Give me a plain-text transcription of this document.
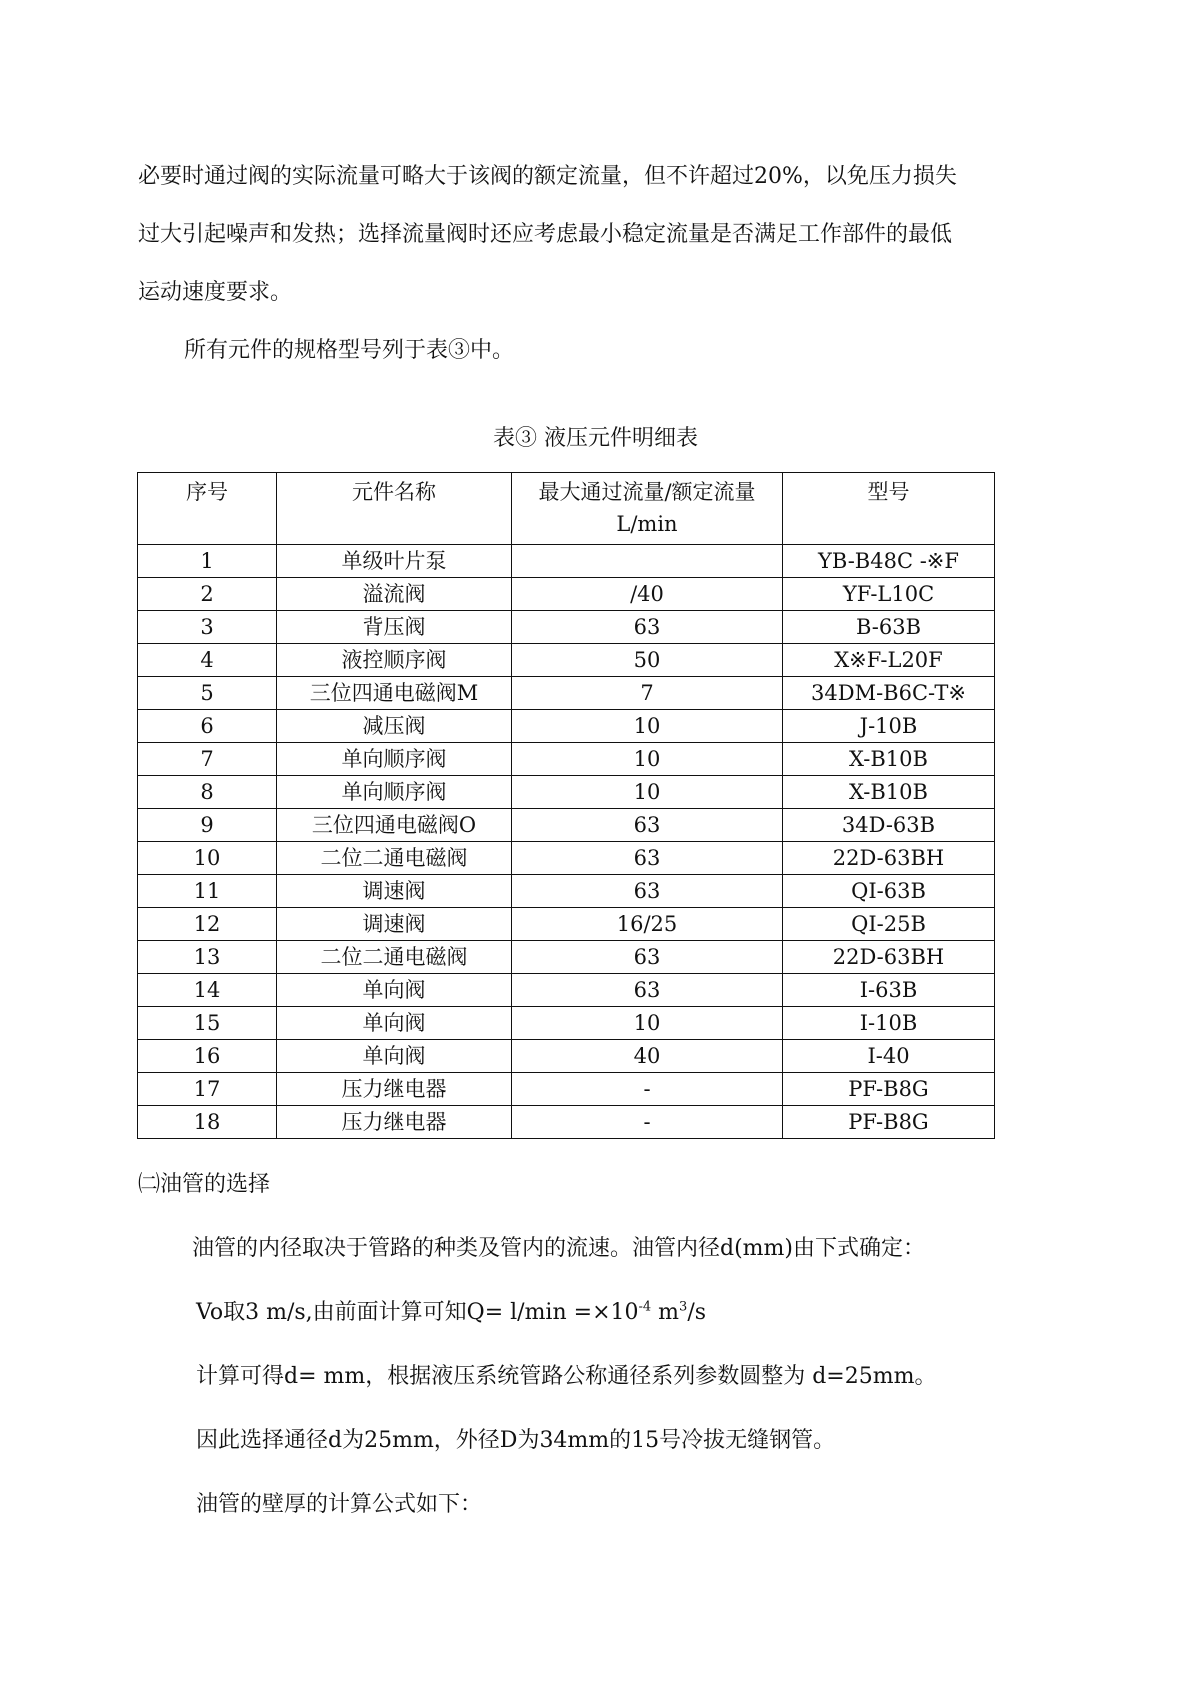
必要时通过阀的实际流量可略大于该阀的额定流量，但不许超过20%，以免压力损失
过大引起噪声和发热；选择流量阀时还应考虑最小稳定流量是否满足工作部件的最低
运动速度要求。
所有元件的规格型号列于表③中。
表③ 液压元件明细表
序号	元件名称	最大通过流量/额定流量L/min	型号
1	单级叶片泵		YB-B48C -※F
2	溢流阀	/40	YF-L10C
3	背压阀	63	B-63B
4	液控顺序阀	50	X※F-L20F
5	三位四通电磁阀M	7	34DM-B6C-T※
6	减压阀	10	J-10B
7	单向顺序阀	10	X-B10B
8	单向顺序阀	10	X-B10B
9	三位四通电磁阀O	63	34D-63B
10	二位二通电磁阀	63	22D-63BH
11	调速阀	63	QI-63B
12	调速阀	16/25	QI-25B
13	二位二通电磁阀	63	22D-63BH
14	单向阀	63	I-63B
15	单向阀	10	I-10B
16	单向阀	40	I-40
17	压力继电器	-	PF-B8G
18	压力继电器	-	PF-B8G
㈡油管的选择
油管的内径取决于管路的种类及管内的流速。油管内径d(mm)由下式确定：
Vo取3 m/s,由前面计算可知$Q= l/\min =\times 10^{-4}$ $m^3/s$
计算可得d= mm，根据液压系统管路公称通径系列参数圆整为 d=25mm。
因此选择通径d为25mm，外径D为34mm的15号冷拔无缝钢管。
油管的壁厚的计算公式如下：
